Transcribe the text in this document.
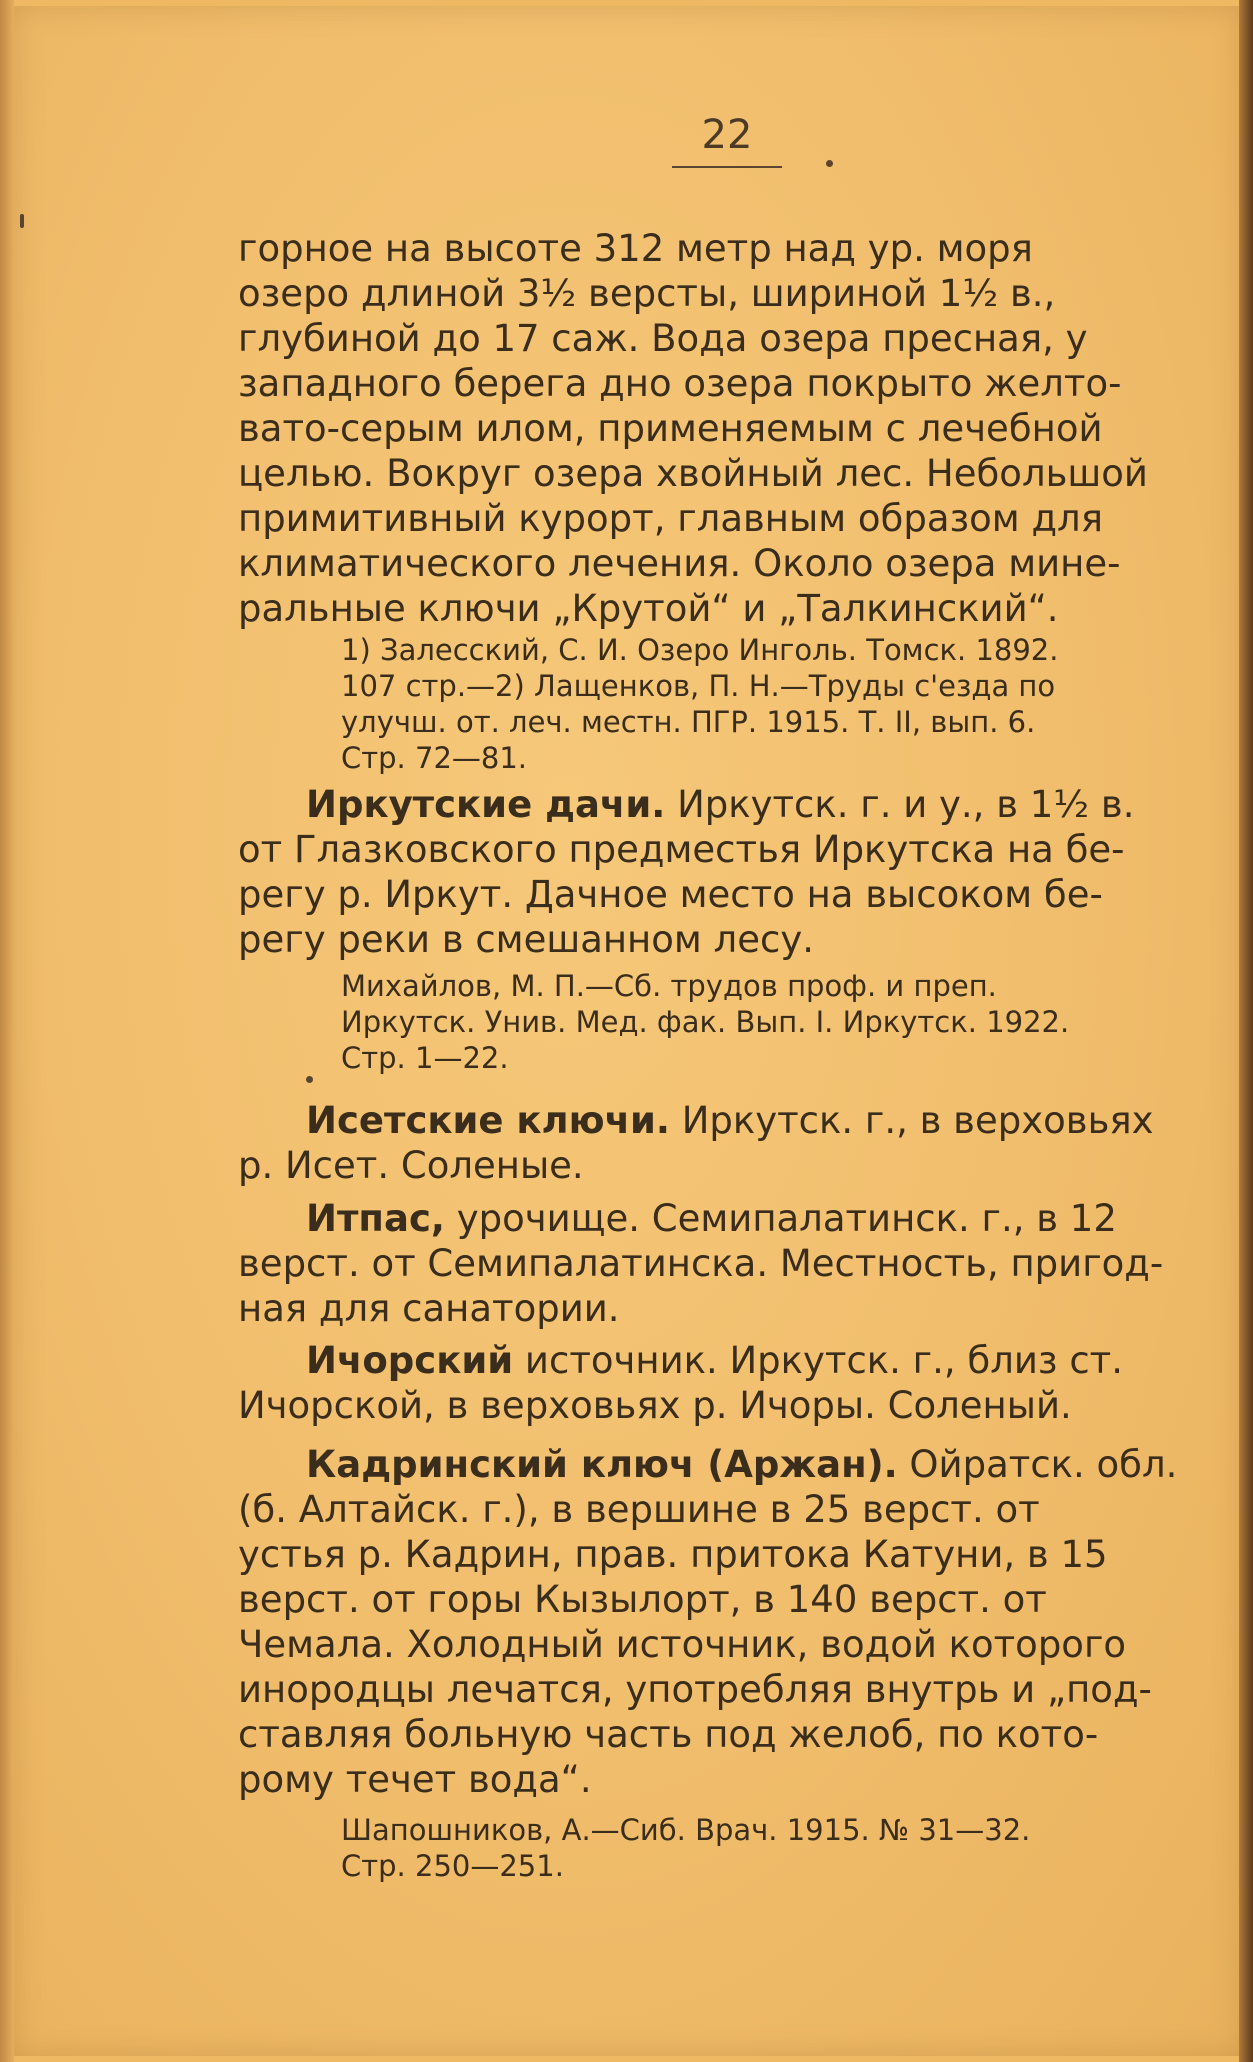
22
горное на высоте 312 метр над ур. моря
озеро длиной 3½ версты, шириной 1½ в.,
глубиной до 17 саж. Вода озера пресная, у
западного берега дно озера покрыто желто-
вато-серым илом, применяемым с лечебной
целью. Вокруг озера хвойный лес. Небольшой
примитивный курорт, главным образом для
климатического лечения. Около озера мине-
ральные ключи „Крутой“ и „Талкинский“.
1) Залесский, С. И. Озеро Инголь. Томск. 1892.
107 стр.—2) Лащенков, П. Н.—Труды с'езда по
улучш. от. леч. местн. ПГР. 1915. Т. II, вып. 6.
Стр. 72—81.
Иркутские дачи. Иркутск. г. и у., в 1½ в.
от Глазковского предместья Иркутска на бе-
регу р. Иркут. Дачное место на высоком бе-
регу реки в смешанном лесу.
Михайлов, М. П.—Сб. трудов проф. и преп.
Иркутск. Унив. Мед. фак. Вып. I. Иркутск. 1922.
Стр. 1—22.
Исетские ключи. Иркутск. г., в верховьях
р. Исет. Соленые.
Итпас, урочище. Семипалатинск. г., в 12
верст. от Семипалатинска. Местность, пригод-
ная для санатории.
Ичорский источник. Иркутск. г., близ ст.
Ичорской, в верховьях р. Ичоры. Соленый.
Кадринский ключ (Аржан). Ойратск. обл.
(б. Алтайск. г.), в вершине в 25 верст. от
устья р. Кадрин, прав. притока Катуни, в 15
верст. от горы Кызылорт, в 140 верст. от
Чемала. Холодный источник, водой которого
инородцы лечатся, употребляя внутрь и „под-
ставляя больную часть под желоб, по кото-
рому течет вода“.
Шапошников, А.—Сиб. Врач. 1915. № 31—32.
Стр. 250—251.
